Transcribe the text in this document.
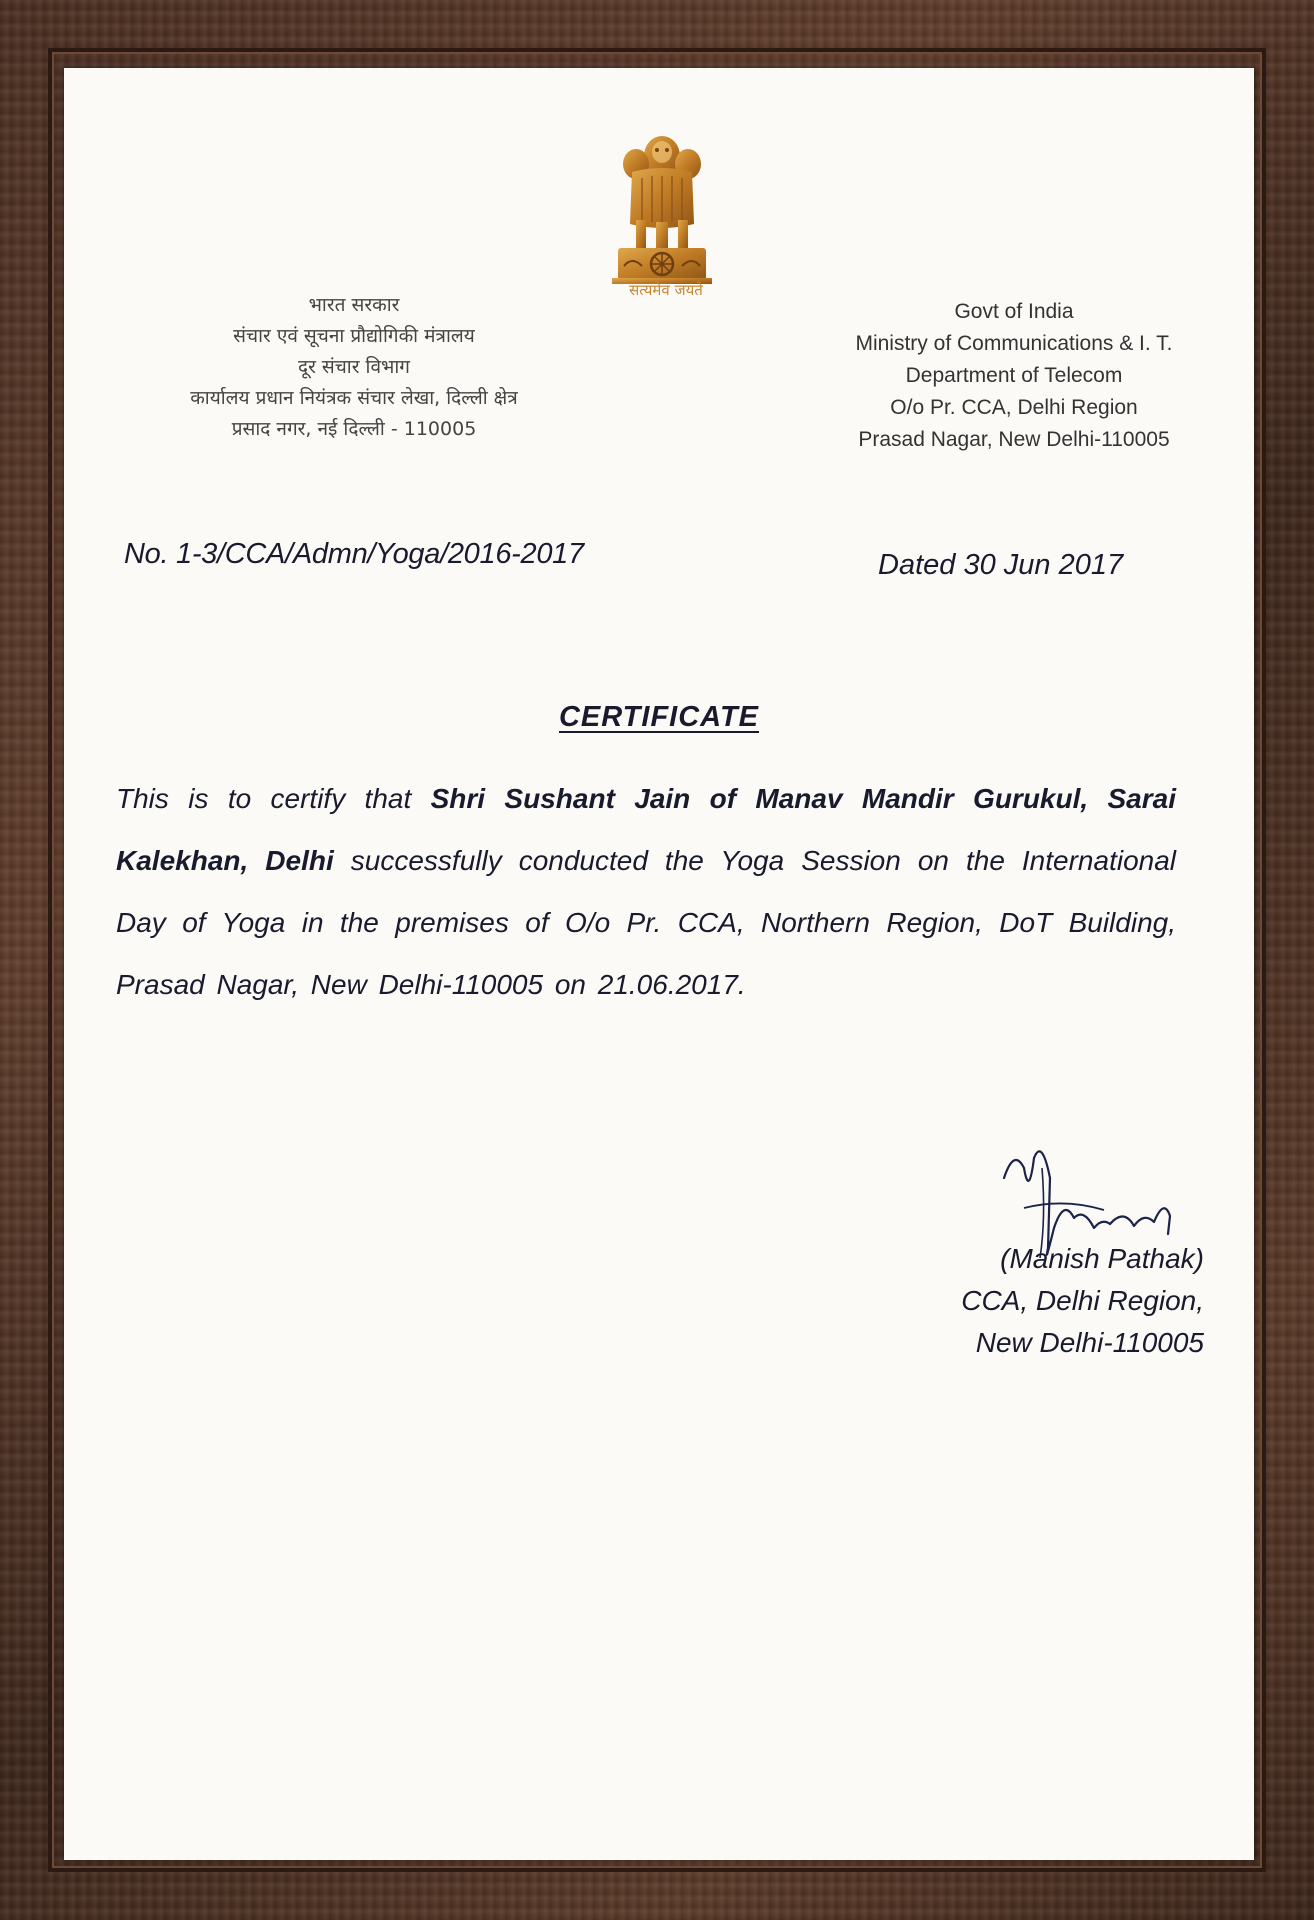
सत्यमेव जयते
भारत सरकार
संचार एवं सूचना प्रौद्योगिकी मंत्रालय
दूर संचार विभाग
कार्यालय प्रधान नियंत्रक संचार लेखा, दिल्ली क्षेत्र
प्रसाद नगर, नई दिल्ली - 110005
Govt of India
Ministry of Communications & I. T.
Department of Telecom
O/o Pr. CCA, Delhi Region
Prasad Nagar, New Delhi-110005
No. 1-3/CCA/Admn/Yoga/2016-2017	Dated 30 Jun 2017
CERTIFICATE
This is to certify that Shri Sushant Jain of Manav Mandir Gurukul, Sarai Kalekhan, Delhi successfully conducted the Yoga Session on the International Day of Yoga in the premises of O/o Pr. CCA, Northern Region, DoT Building, Prasad Nagar, New Delhi-110005 on 21.06.2017.
(Manish Pathak)
CCA, Delhi Region,
New Delhi-110005
